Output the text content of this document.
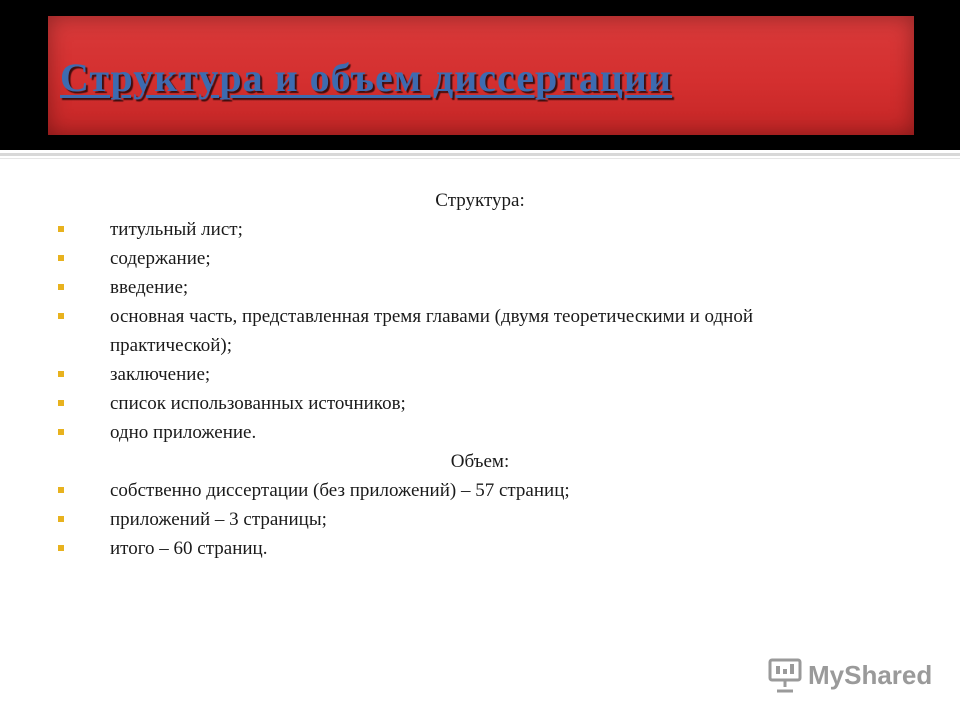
Структура и объем диссертации
Структура:
титульный лист;
содержание;
введение;
основная часть, представленная тремя главами (двумя теоретическими и одной практической);
заключение;
список использованных источников;
одно приложение.
Объем:
собственно диссертации (без приложений) – 57 страниц;
приложений – 3 страницы;
итого – 60 страниц.
MyShared
